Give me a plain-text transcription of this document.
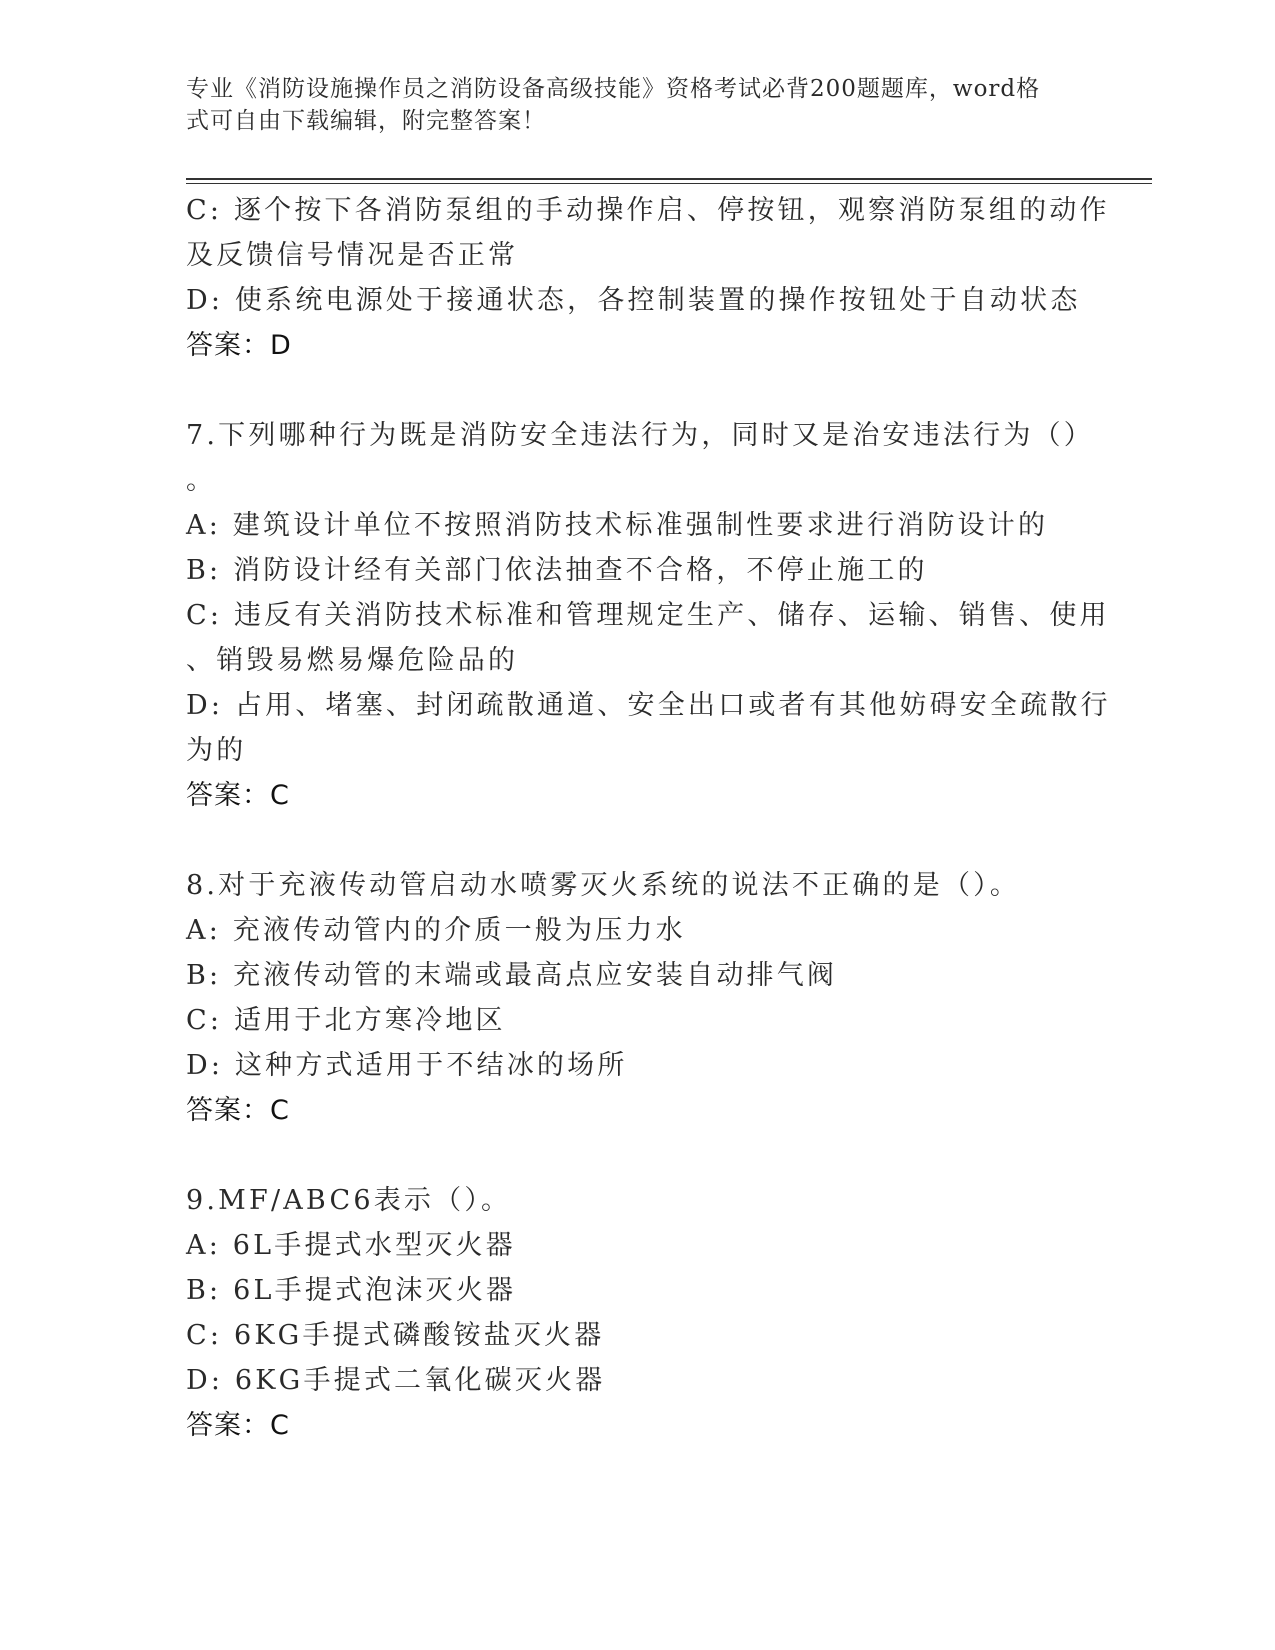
专业《消防设施操作员之消防设备高级技能》资格考试必背200题题库，word格
式可自由下载编辑，附完整答案！
C: 逐个按下各消防泵组的手动操作启、停按钮，观察消防泵组的动作
及反馈信号情况是否正常
D: 使系统电源处于接通状态，各控制装置的操作按钮处于自动状态
答案：D
7.下列哪种行为既是消防安全违法行为，同时又是治安违法行为（）
。
A: 建筑设计单位不按照消防技术标准强制性要求进行消防设计的
B: 消防设计经有关部门依法抽查不合格，不停止施工的
C: 违反有关消防技术标准和管理规定生产、储存、运输、销售、使用
、销毁易燃易爆危险品的
D: 占用、堵塞、封闭疏散通道、安全出口或者有其他妨碍安全疏散行
为的
答案：C
8.对于充液传动管启动水喷雾灭火系统的说法不正确的是（）。
A: 充液传动管内的介质一般为压力水
B: 充液传动管的末端或最高点应安装自动排气阀
C: 适用于北方寒冷地区
D: 这种方式适用于不结冰的场所
答案：C
9.MF/ABC6表示（）。
A: 6L手提式水型灭火器
B: 6L手提式泡沫灭火器
C: 6KG手提式磷酸铵盐灭火器
D: 6KG手提式二氧化碳灭火器
答案：C
